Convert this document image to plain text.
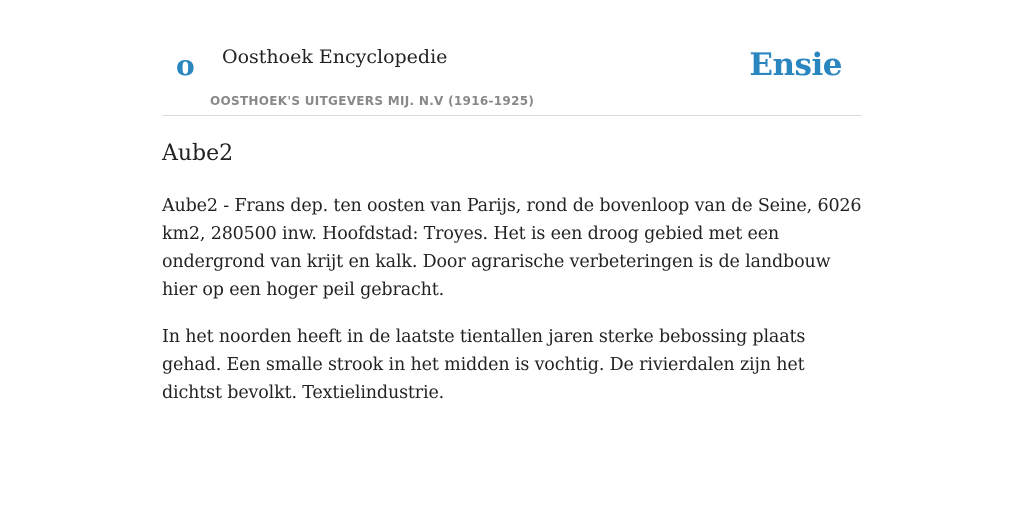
o Oosthoek Encyclopedie
OOSTHOEK'S UITGEVERS MIJ. N.V (1916-1925)
Ensie
Aube2

Aube2 - Frans dep. ten oosten van Parijs, rond de bovenloop van de Seine, 6026 km2, 280500 inw. Hoofdstad: Troyes. Het is een droog gebied met een ondergrond van krijt en kalk. Door agrarische verbeteringen is de landbouw hier op een hoger peil gebracht.

In het noorden heeft in de laatste tientallen jaren sterke bebossing plaats gehad. Een smalle strook in het midden is vochtig. De rivierdalen zijn het dichtst bevolkt. Textielindustrie.
